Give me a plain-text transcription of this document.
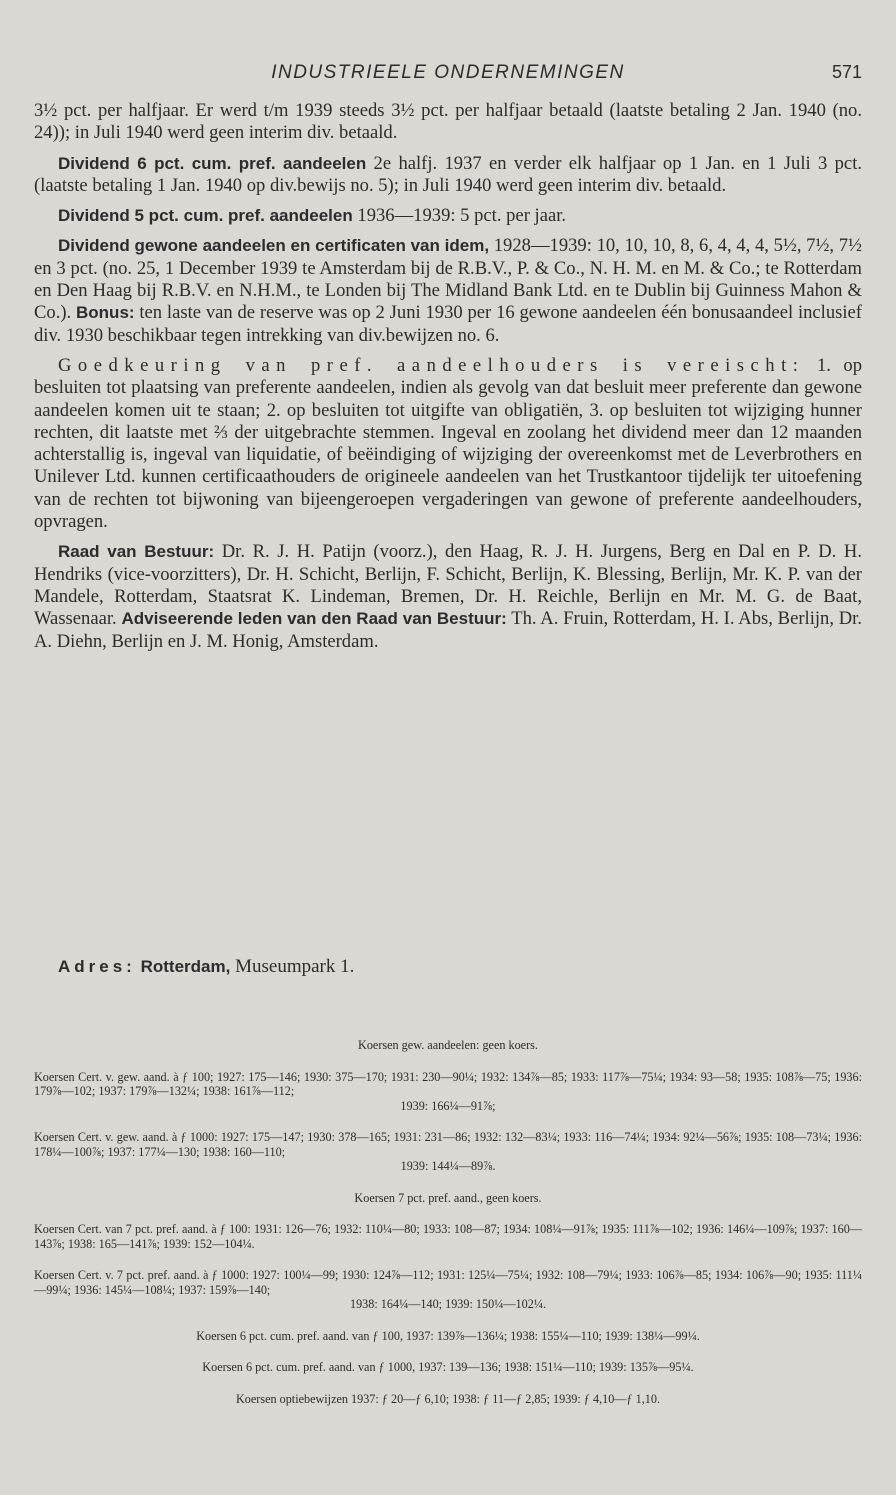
INDUSTRIEELE ONDERNEMINGEN	571

3½ pct. per halfjaar. Er werd t/m 1939 steeds 3½ pct. per halfjaar betaald (laatste betaling 2 Jan. 1940 (no. 24)); in Juli 1940 werd geen interim div. betaald.

Dividend 6 pct. cum. pref. aandeelen 2e halfj. 1937 en verder elk halfjaar op 1 Jan. en 1 Juli 3 pct. (laatste betaling 1 Jan. 1940 op div.bewijs no. 5); in Juli 1940 werd geen interim div. betaald.

Dividend 5 pct. cum. pref. aandeelen 1936—1939: 5 pct. per jaar.

Dividend gewone aandeelen en certificaten van idem, 1928—1939: 10, 10, 10, 8, 6, 4, 4, 4, 5½, 7½, 7½ en 3 pct. (no. 25, 1 December 1939 te Amsterdam bij de R.B.V., P. & Co., N. H. M. en M. & Co.; te Rotterdam en Den Haag bij R.B.V. en N.H.M., te Londen bij The Midland Bank Ltd. en te Dublin bij Guinness Mahon & Co.). Bonus: ten laste van de reserve was op 2 Juni 1930 per 16 gewone aandeelen één bonusaandeel inclusief div. 1930 beschikbaar tegen intrekking van div.bewijzen no. 6.

Goedkeuring van pref. aandeelhouders is vereischt: 1. op besluiten tot plaatsing van preferente aandeelen, indien als gevolg van dat besluit meer preferente dan gewone aandeelen komen uit te staan; 2. op besluiten tot uitgifte van obligatiën, 3. op besluiten tot wijziging hunner rechten, dit laatste met ⅔ der uitgebrachte stemmen. Ingeval en zoolang het dividend meer dan 12 maanden achterstallig is, ingeval van liquidatie, of beëindiging of wijziging der overeenkomst met de Leverbrothers en Unilever Ltd. kunnen certificaathouders de origineele aandeelen van het Trustkantoor tijdelijk ter uitoefening van de rechten tot bijwoning van bijeengeroepen vergaderingen van gewone of preferente aandeelhouders, opvragen.

Raad van Bestuur: Dr. R. J. H. Patijn (voorz.), den Haag, R. J. H. Jurgens, Berg en Dal en P. D. H. Hendriks (vice-voorzitters), Dr. H. Schicht, Berlijn, F. Schicht, Berlijn, K. Blessing, Berlijn, Mr. K. P. van der Mandele, Rotterdam, Staatsrat K. Lindeman, Bremen, Dr. H. Reichle, Berlijn en Mr. M. G. de Baat, Wassenaar. Adviseerende leden van den Raad van Bestuur: Th. A. Fruin, Rotterdam, H. I. Abs, Berlijn, Dr. A. Diehn, Berlijn en J. M. Honig, Amsterdam.

Adres: Rotterdam, Museumpark 1.
Koersen gew. aandeelen: geen koers.
Koersen Cert. v. gew. aand. à ƒ 100; 1927: 175—146; 1930: 375—170; 1931: 230—90¼; 1932: 134⅞—85; 1933: 117⅞—75¼; 1934: 93—58; 1935: 108⅞—75; 1936: 179⅞—102; 1937: 179⅞—132¼; 1938: 161⅞—112;
1939: 166¼—91⅞;
Koersen Cert. v. gew. aand. à ƒ 1000: 1927: 175—147; 1930: 378—165; 1931: 231—86; 1932: 132—83¼; 1933: 116—74¼; 1934: 92¼—56⅞; 1935: 108—73¼; 1936: 178¼—100⅞; 1937: 177¼—130; 1938: 160—110;
1939: 144¼—89⅞.
Koersen 7 pct. pref. aand., geen koers.
Koersen Cert. van 7 pct. pref. aand. à ƒ 100: 1931: 126—76; 1932: 110¼—80; 1933: 108—87; 1934: 108¼—91⅞; 1935: 111⅞—102; 1936: 146¼—109⅞; 1937: 160—143⅞; 1938: 165—141⅞; 1939: 152—104¼.
Koersen Cert. v. 7 pct. pref. aand. à ƒ 1000: 1927: 100¼—99; 1930: 124⅞—112; 1931: 125¼—75¼; 1932: 108—79¼; 1933: 106⅞—85; 1934: 106⅞—90; 1935: 111¼—99¼; 1936: 145¼—108¼; 1937: 159⅞—140;
1938: 164¼—140; 1939: 150¼—102¼.
Koersen 6 pct. cum. pref. aand. van ƒ 100, 1937: 139⅞—136¼; 1938: 155¼—110; 1939: 138¼—99¼.
Koersen 6 pct. cum. pref. aand. van ƒ 1000, 1937: 139—136; 1938: 151¼—110; 1939: 135⅞—95¼.
Koersen optiebewijzen 1937: ƒ 20—ƒ 6,10; 1938: ƒ 11—ƒ 2,85; 1939: ƒ 4,10—ƒ 1,10.
